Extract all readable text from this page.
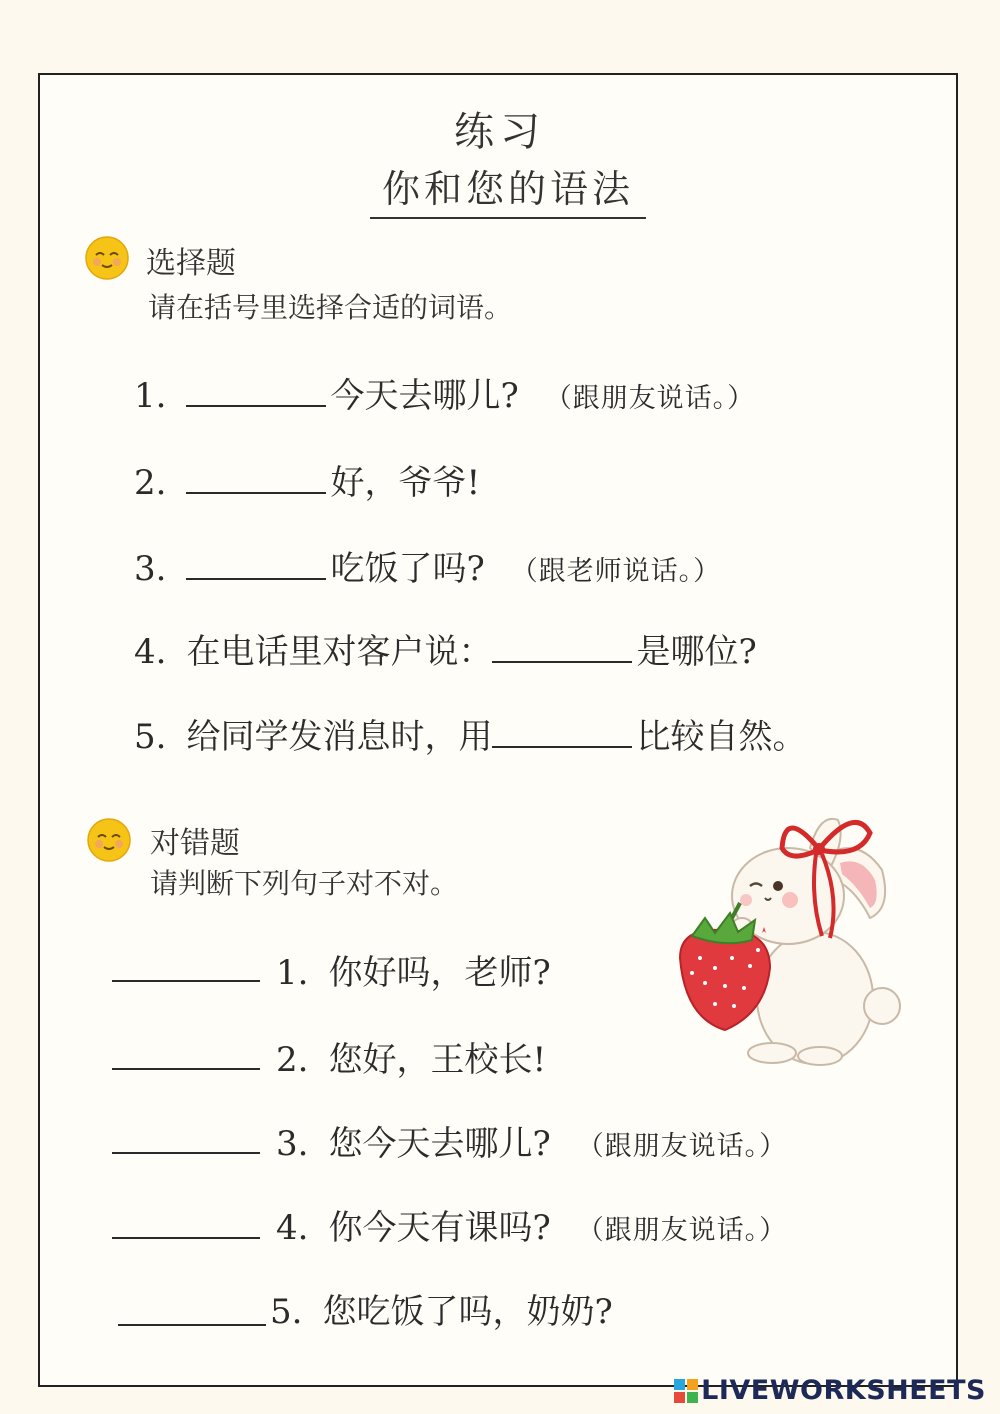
练习
你和您的语法
选择题
请在括号里选择合适的词语。
1.	今天去哪儿? （跟朋友说话。）
2.	好，爷爷!
3.	吃饭了吗? （跟老师说话。）
4. 在电话里对客户说：	是哪位?
5. 给同学发消息时，用	比较自然。
对错题
请判断下列句子对不对。
1. 你好吗，老师?
2. 您好，王校长!
3. 您今天去哪儿? （跟朋友说话。）
4. 你今天有课吗? （跟朋友说话。）
5. 您吃饭了吗，奶奶?
LIVEWORKSHEETS
